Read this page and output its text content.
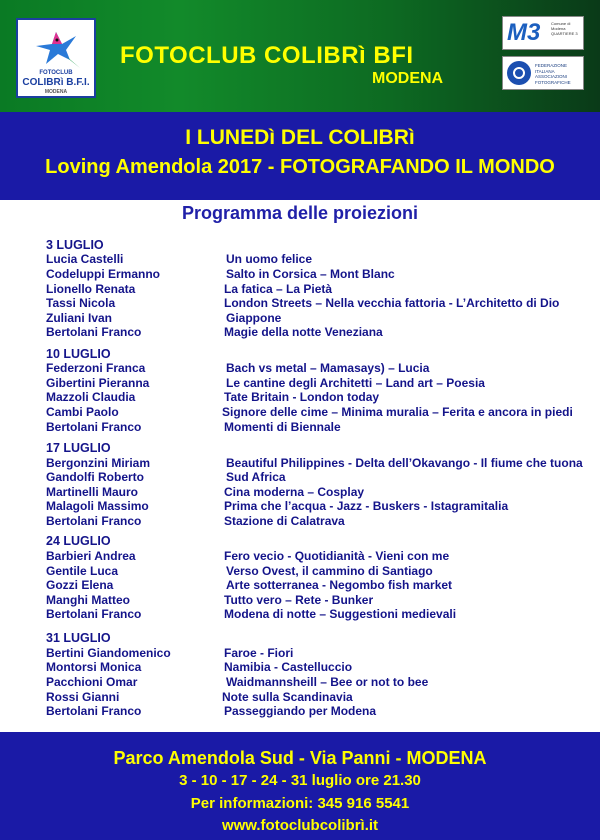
FOTOCLUB
COLIBRì B.F.I.
MODENA
FOTOCLUB COLIBRì BFI
MODENA
M3	Comune di Modena QUARTIERE 3
FEDERAZIONE ITALIANA ASSOCIAZIONI FOTOGRAFICHE
I LUNEDì DEL COLIBRì
Loving Amendola 2017 - FOTOGRAFANDO IL MONDO
Programma delle proiezioni
3 LUGLIO
Lucia Castelli	Un uomo felice
Codeluppi Ermanno	Salto in Corsica – Mont Blanc
Lionello Renata	La fatica – La Pietà
Tassi Nicola	London Streets – Nella vecchia fattoria - L’Architetto di Dio
Zuliani Ivan	Giappone
Bertolani Franco	Magie della notte Veneziana
10 LUGLIO
Federzoni Franca	Bach vs metal – Mamasays) – Lucia
Gibertini Pieranna	Le cantine degli Architetti – Land art – Poesia
Mazzoli Claudia	Tate Britain - London today
Cambi Paolo	Signore delle cime – Minima muralia – Ferita e ancora in piedi
Bertolani Franco	Momenti di Biennale
17 LUGLIO
Bergonzini Miriam	Beautiful Philippines - Delta dell’Okavango - Il fiume che tuona
Gandolfi Roberto	Sud Africa
Martinelli Mauro	Cina moderna – Cosplay
Malagoli Massimo	Prima che l’acqua - Jazz - Buskers - Istagramitalia
Bertolani Franco	Stazione di Calatrava
24 LUGLIO
Barbieri Andrea	Fero vecio - Quotidianità - Vieni con me
Gentile Luca	Verso Ovest, il cammino di Santiago
Gozzi Elena	Arte sotterranea - Negombo fish market
Manghi Matteo	Tutto vero – Rete - Bunker
Bertolani Franco	Modena di notte – Suggestioni medievali
31 LUGLIO
Bertini Giandomenico	Faroe - Fiori
Montorsi Monica	Namibia - Castelluccio
Pacchioni Omar	Waidmannsheill – Bee or not to bee
Rossi Gianni	Note sulla Scandinavia
Bertolani Franco	Passeggiando per Modena
Parco Amendola Sud - Via Panni - MODENA
3 - 10 - 17 - 24 - 31 luglio ore 21.30
Per informazioni: 345 916 5541
www.fotoclubcolibrì.it
